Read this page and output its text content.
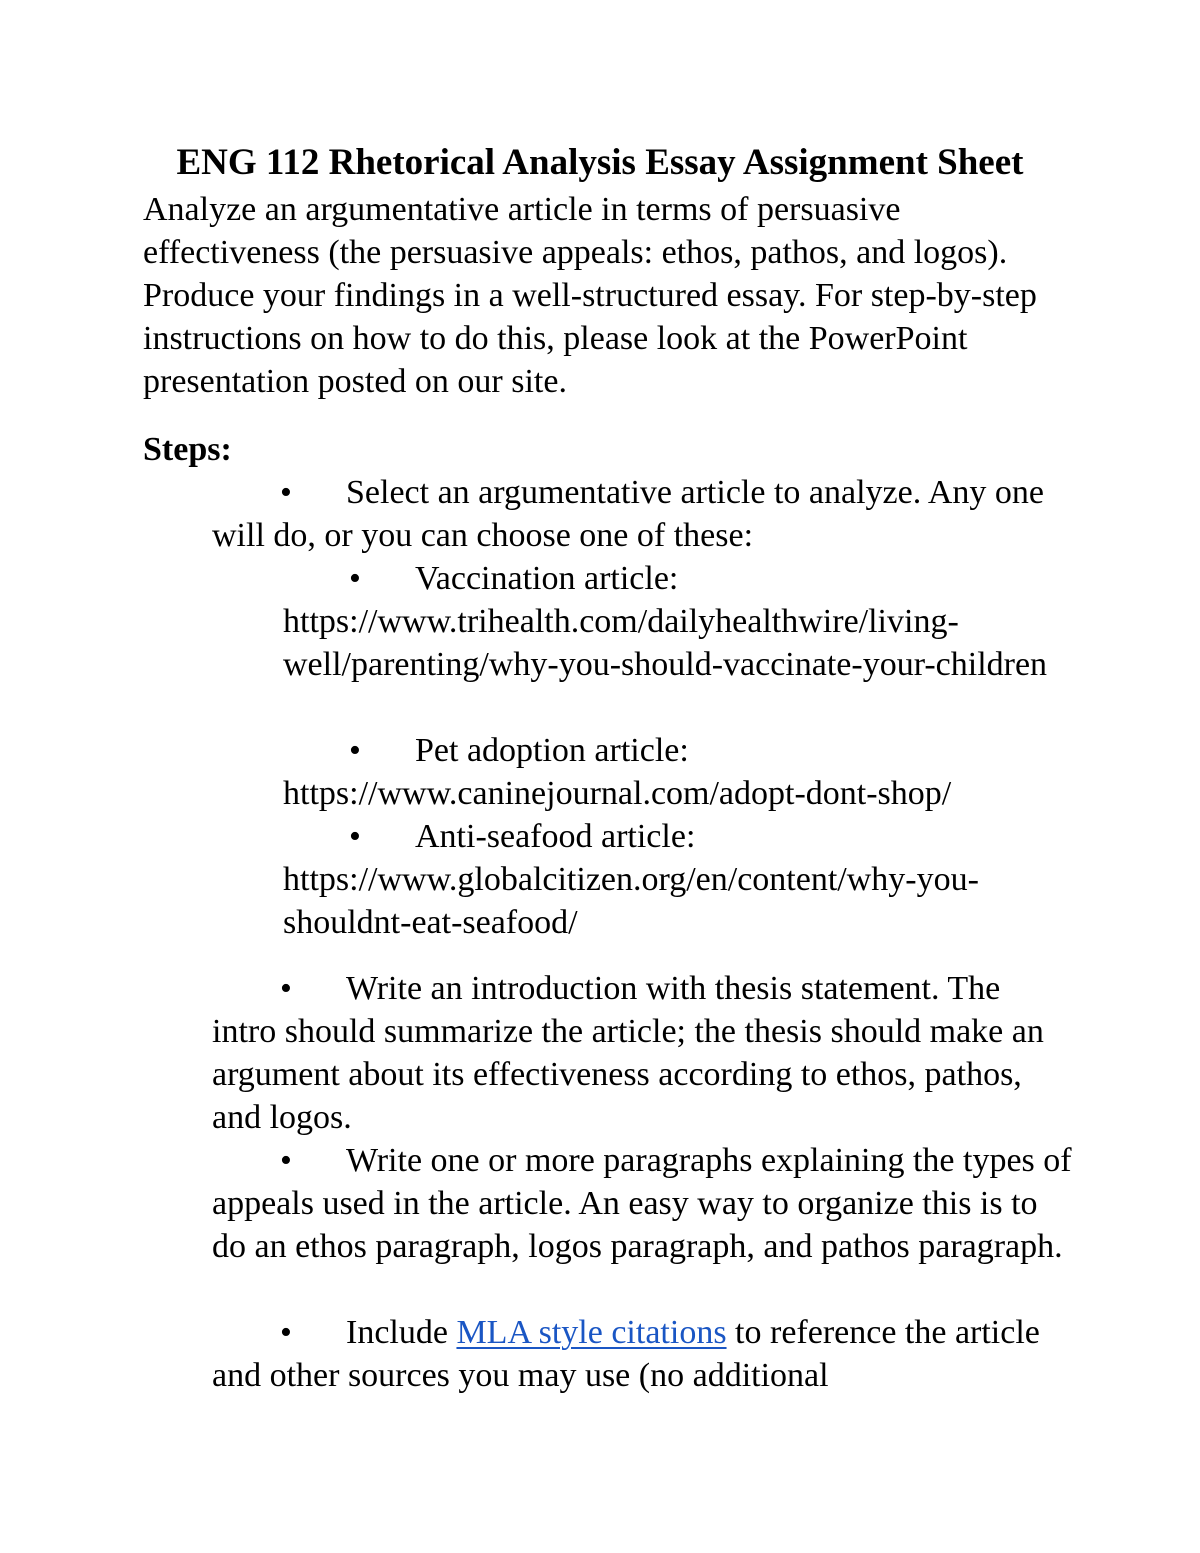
ENG 112 Rhetorical Analysis Essay Assignment Sheet
Analyze an argumentative article in terms of persuasive effectiveness (the persuasive appeals: ethos, pathos, and logos). Produce your findings in a well-structured essay. For step-by-step instructions on how to do this, please look at the PowerPoint presentation posted on our site.
Steps:
• Select an argumentative article to analyze. Any one will do, or you can choose one of these:
• Vaccination article: https://www.trihealth.com/dailyhealthwire/living-well/parenting/why-you-should-vaccinate-your-children
• Pet adoption article: https://www.caninejournal.com/adopt-dont-shop/
• Anti-seafood article: https://www.globalcitizen.org/en/content/why-you-shouldnt-eat-seafood/
• Write an introduction with thesis statement. The intro should summarize the article; the thesis should make an argument about its effectiveness according to ethos, pathos, and logos.
• Write one or more paragraphs explaining the types of appeals used in the article. An easy way to organize this is to do an ethos paragraph, logos paragraph, and pathos paragraph.
• Include MLA style citations to reference the article and other sources you may use (no additional
